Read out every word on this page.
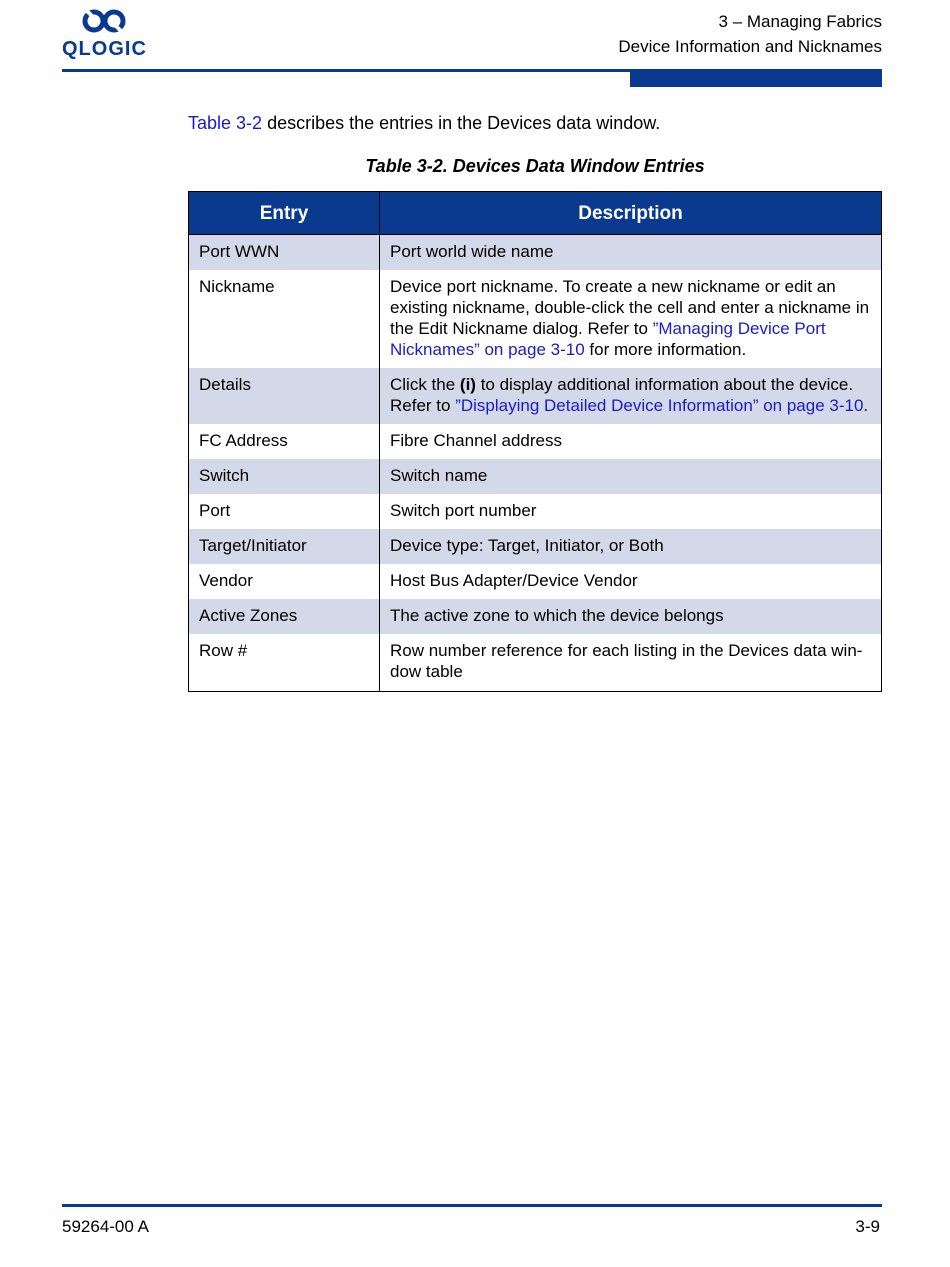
QLOGIC
3 – Managing Fabrics
Device Information and Nicknames
Table 3-2 describes the entries in the Devices data window.
Table 3-2. Devices Data Window Entries
Entry	Description
Port WWN	Port world wide name
Nickname	Device port nickname. To create a new nickname or edit an existing nickname, double-click the cell and enter a nickname in the Edit Nickname dialog. Refer to ”Managing Device Port Nicknames” on page 3-10 for more information.
Details	Click the (i) to display additional information about the device. Refer to ”Displaying Detailed Device Information” on page 3-10.
FC Address	Fibre Channel address
Switch	Switch name
Port	Switch port number
Target/Initiator	Device type: Target, Initiator, or Both
Vendor	Host Bus Adapter/Device Vendor
Active Zones	The active zone to which the device belongs
Row #	Row number reference for each listing in the Devices data win-dow table
59264-00 A	3-9
